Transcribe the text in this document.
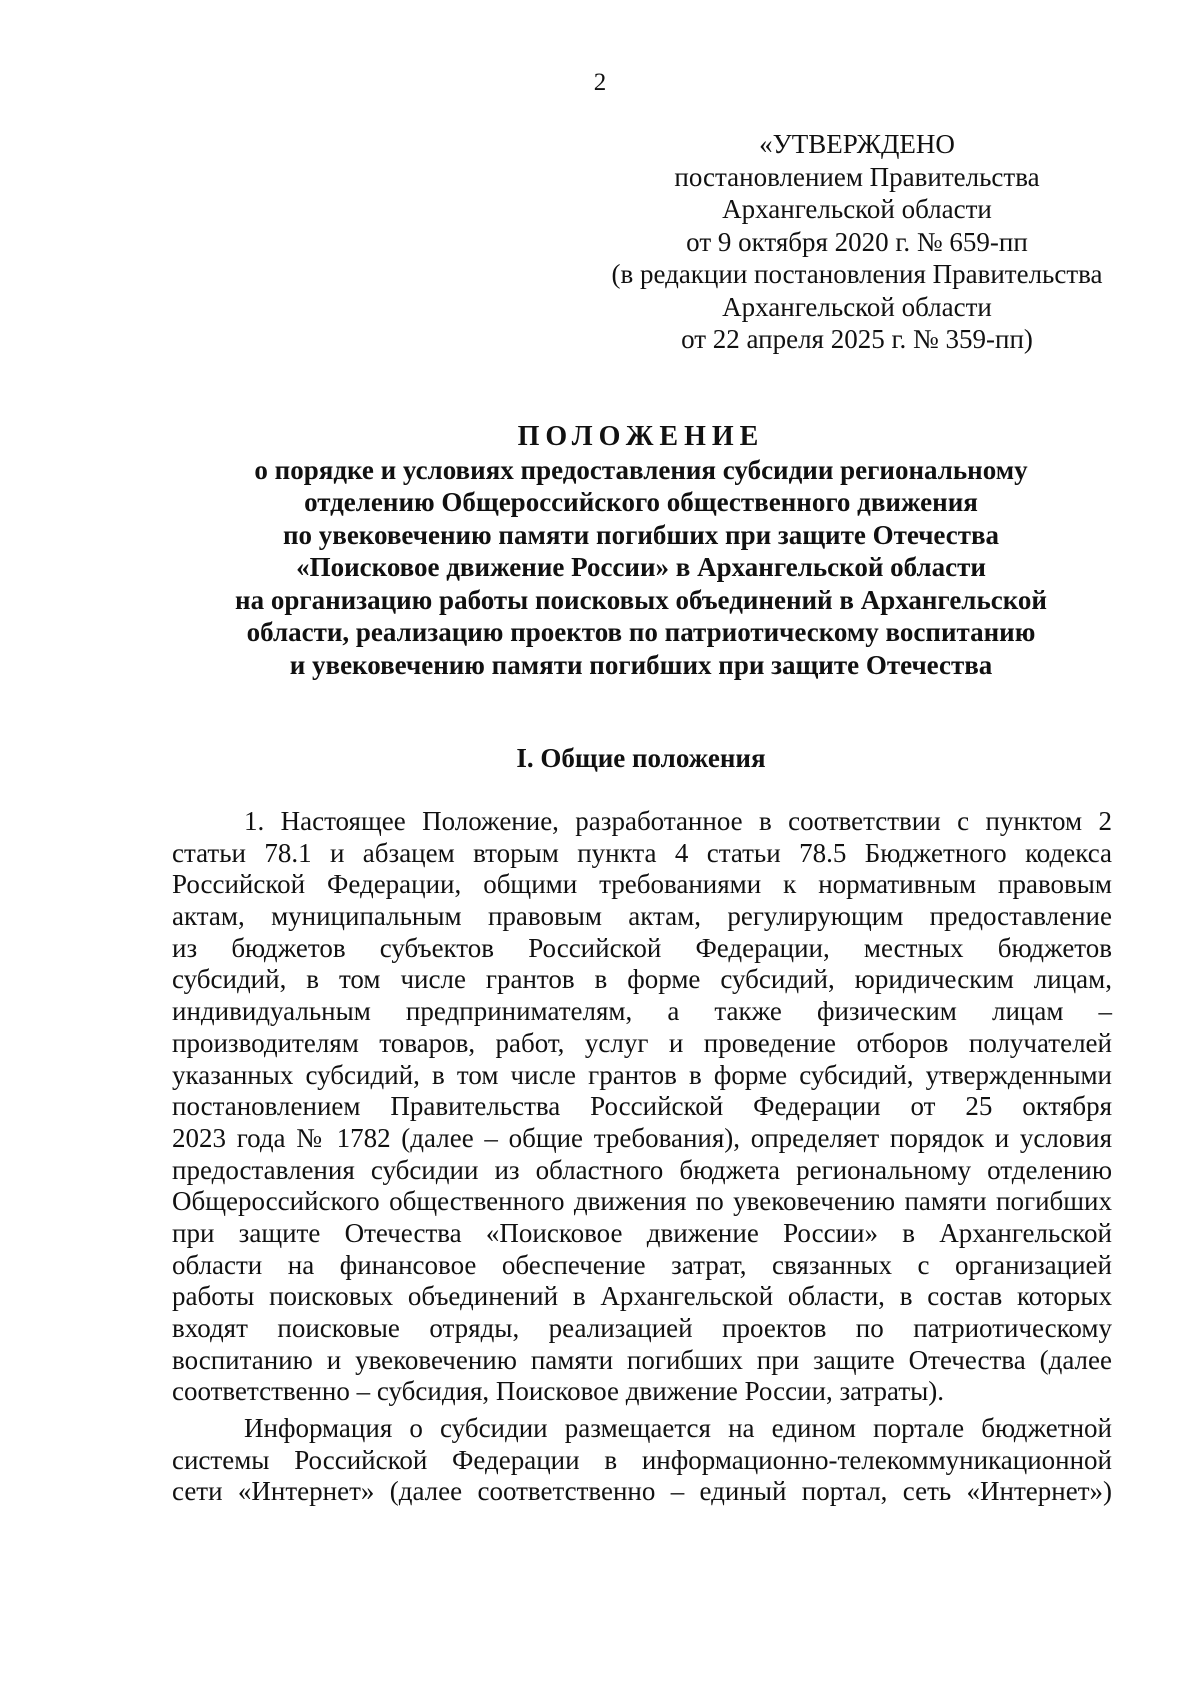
2
«УТВЕРЖДЕНО
постановлением Правительства
Архангельской области
от 9 октября 2020 г. № 659-пп
(в редакции постановления Правительства
Архангельской области
от 22 апреля 2025 г. № 359-пп)
ПОЛОЖЕНИЕ
о порядке и условиях предоставления субсидии региональному
отделению Общероссийского общественного движения
по увековечению памяти погибших при защите Отечества
«Поисковое движение России» в Архангельской области
на организацию работы поисковых объединений в Архангельской
области, реализацию проектов по патриотическому воспитанию
и увековечению памяти погибших при защите Отечества
I. Общие положения
1. Настоящее Положение, разработанное в соответствии с пунктом 2
статьи 78.1 и абзацем вторым пункта 4 статьи 78.5 Бюджетного кодекса
Российской Федерации, общими требованиями к нормативным правовым
актам, муниципальным правовым актам, регулирующим предоставление
из бюджетов субъектов Российской Федерации, местных бюджетов
субсидий, в том числе грантов в форме субсидий, юридическим лицам,
индивидуальным предпринимателям, а также физическим лицам –
производителям товаров, работ, услуг и проведение отборов получателей
указанных субсидий, в том числе грантов в форме субсидий, утвержденными
постановлением Правительства Российской Федерации от 25 октября
2023 года № 1782 (далее – общие требования), определяет порядок и условия
предоставления субсидии из областного бюджета региональному отделению
Общероссийского общественного движения по увековечению памяти погибших
при защите Отечества «Поисковое движение России» в Архангельской
области на финансовое обеспечение затрат, связанных с организацией
работы поисковых объединений в Архангельской области, в состав которых
входят поисковые отряды, реализацией проектов по патриотическому
воспитанию и увековечению памяти погибших при защите Отечества (далее
соответственно – субсидия, Поисковое движение России, затраты).
Информация о субсидии размещается на едином портале бюджетной
системы Российской Федерации в информационно-телекоммуникационной
сети «Интернет» (далее соответственно – единый портал, сеть «Интернет»)
